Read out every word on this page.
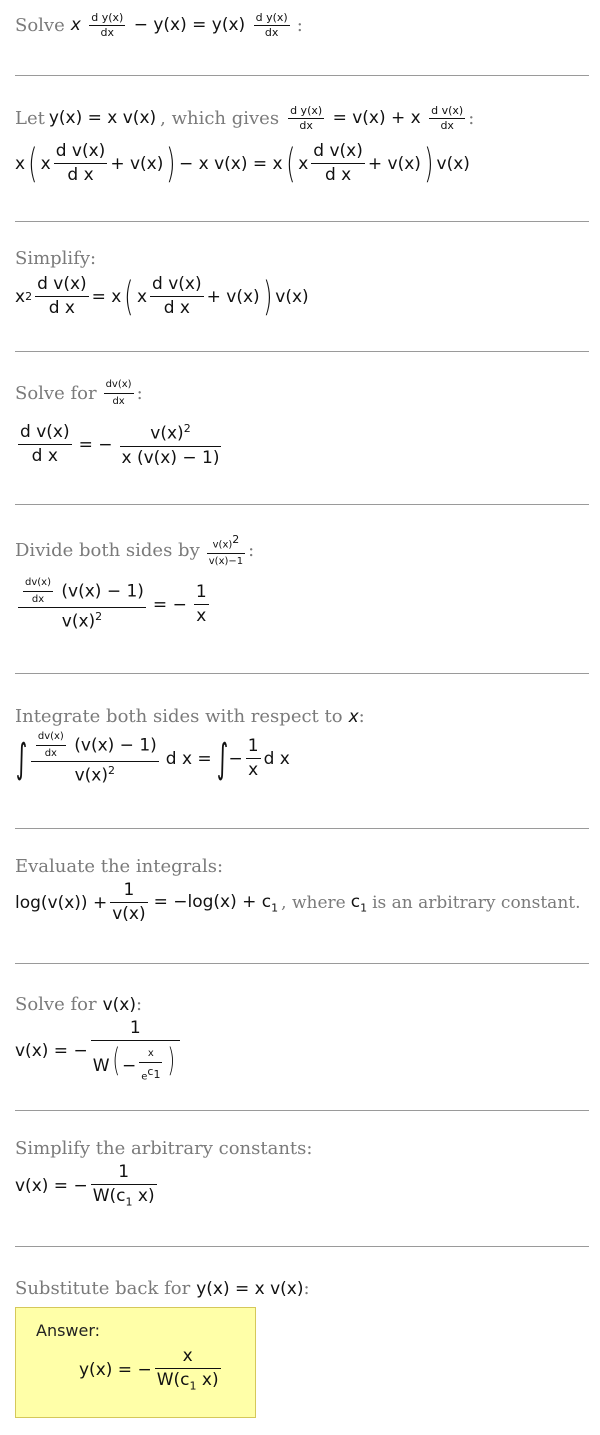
Solve x $\frac{\text{d y(x)}}{dx} - y(x) = y(x) \frac{\text{d y(x)}}{dx}$ :
Let y(x) = x v(x) , which gives $\frac{\text{d y(x)}}{dx} = v(x) + x \frac{\text{d v(x)}}{dx}$ :
x ( x $\frac{\text{d v(x)}}{\text{d x}} + v(x)$ ) − x v(x) = x ( x $\frac{\text{d v(x)}}{\text{d x}} + v(x)$ ) v(x)
Simplify:
x $2 \frac{\text{d v(x)}}{\text{d x}} = x$ ( x $\frac{\text{d v(x)}}{\text{d x}} + v(x)$ ) v(x)
Solve for $\frac{dv(x)}{dx}$ :
$\frac{\text{d v(x)}}{\text{d x}}$ = − $\frac{v(x)^2}{x (v(x) - 1)}$
Divide both sides by $\frac{v(x)^2}{v(x)-1}$ :
$\frac{\frac{dv(x)}{dx} (v(x) - 1)}{v(x)^2}$ = − $\frac{1}{x}$
Integrate both sides with respect to x :
∫ $\frac{\frac{dv(x)}{dx} (v(x) - 1)}{v(x)^2}$ d x = ∫ − $\frac{1}{x}$ d x
Evaluate the integrals:
$\log(v(x)) + \frac{1}{v(x)} = -\log(x) + c_1$ , where $c_1$ is an arbitrary constant.
Solve for v(x) :
v(x) = − $\frac{1}{W( - \frac{x}{e^{c_1}} )}$
Simplify the arbitrary constants:
v(x) = − $\frac{1}{W(c_1 x)}$
Substitute back for y(x) = x v(x) :
Answer:
y(x) = − $\frac{x}{W(c_1 x)}$
